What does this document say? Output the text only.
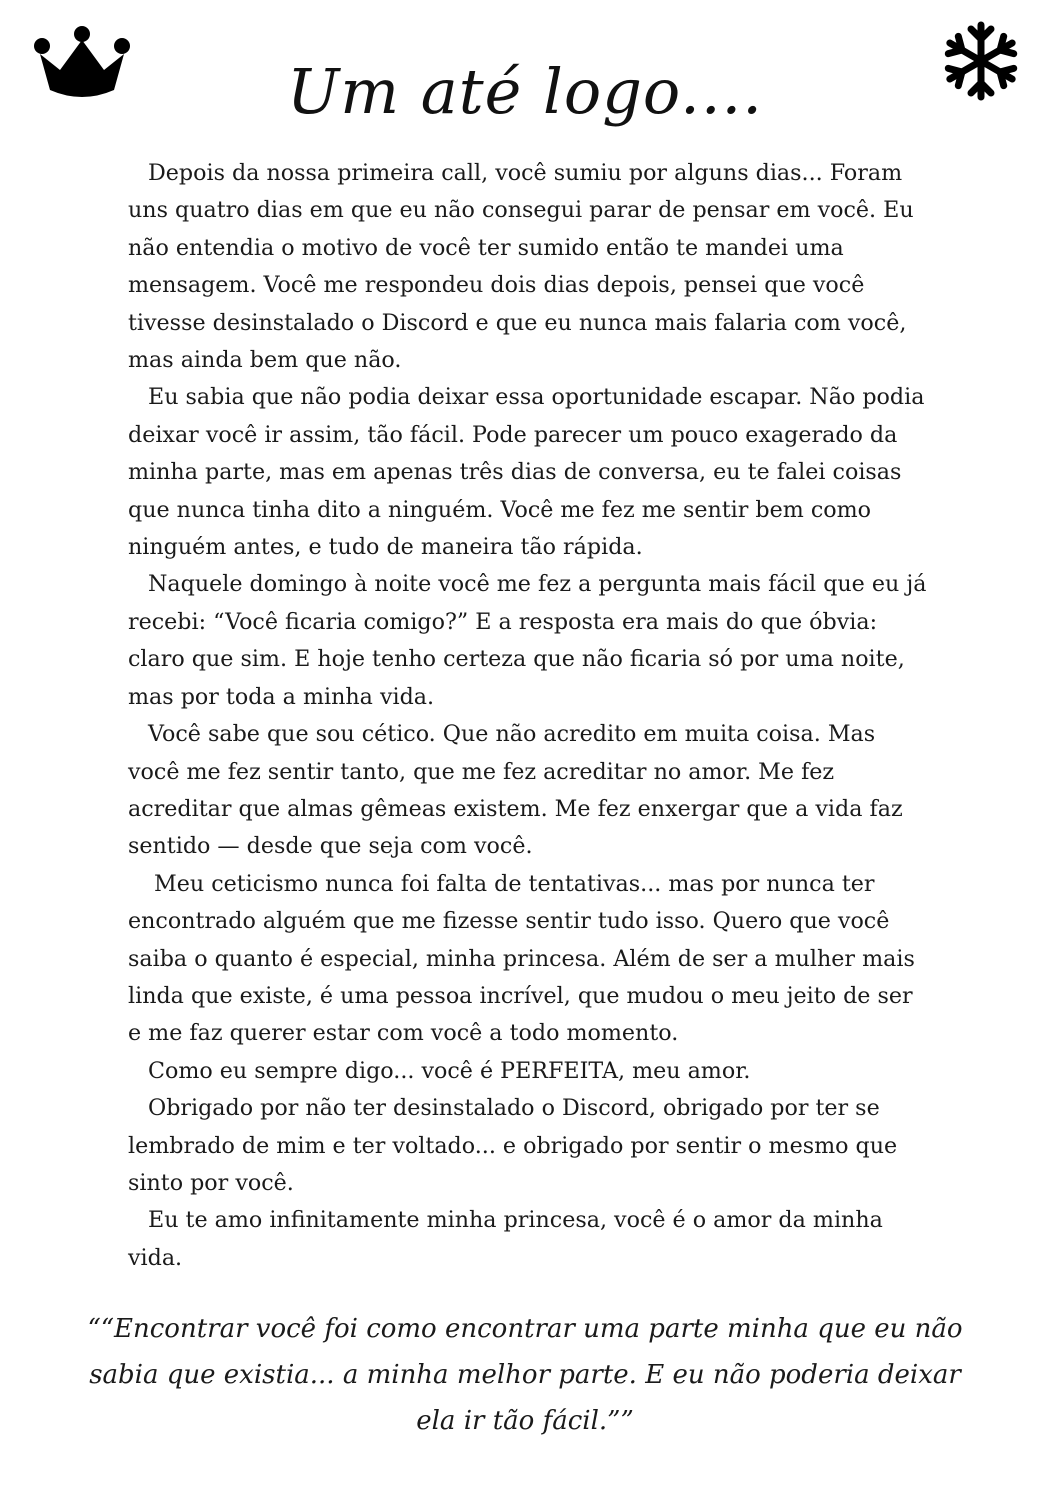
Um até logo....

Depois da nossa primeira call, você sumiu por alguns dias... Foram uns quatro dias em que eu não consegui parar de pensar em você. Eu não entendia o motivo de você ter sumido então te mandei uma mensagem. Você me respondeu dois dias depois, pensei que você tivesse desinstalado o Discord e que eu nunca mais falaria com você, mas ainda bem que não.

Eu sabia que não podia deixar essa oportunidade escapar. Não podia deixar você ir assim, tão fácil. Pode parecer um pouco exagerado da minha parte, mas em apenas três dias de conversa, eu te falei coisas que nunca tinha dito a ninguém. Você me fez me sentir bem como ninguém antes, e tudo de maneira tão rápida.

Naquele domingo à noite você me fez a pergunta mais fácil que eu já recebi: “Você ficaria comigo?” E a resposta era mais do que óbvia: claro que sim. E hoje tenho certeza que não ficaria só por uma noite, mas por toda a minha vida.

Você sabe que sou cético. Que não acredito em muita coisa. Mas você me fez sentir tanto, que me fez acreditar no amor. Me fez acreditar que almas gêmeas existem. Me fez enxergar que a vida faz sentido — desde que seja com você.

Meu ceticismo nunca foi falta de tentativas... mas por nunca ter encontrado alguém que me fizesse sentir tudo isso. Quero que você saiba o quanto é especial, minha princesa. Além de ser a mulher mais linda que existe, é uma pessoa incrível, que mudou o meu jeito de ser e me faz querer estar com você a todo momento.

Como eu sempre digo... você é PERFEITA, meu amor.

Obrigado por não ter desinstalado o Discord, obrigado por ter se lembrado de mim e ter voltado... e obrigado por sentir o mesmo que sinto por você.

Eu te amo infinitamente minha princesa, você é o amor da minha vida.

““Encontrar você foi como encontrar uma parte minha que eu não sabia que existia... a minha melhor parte. E eu não poderia deixar ela ir tão fácil.””
